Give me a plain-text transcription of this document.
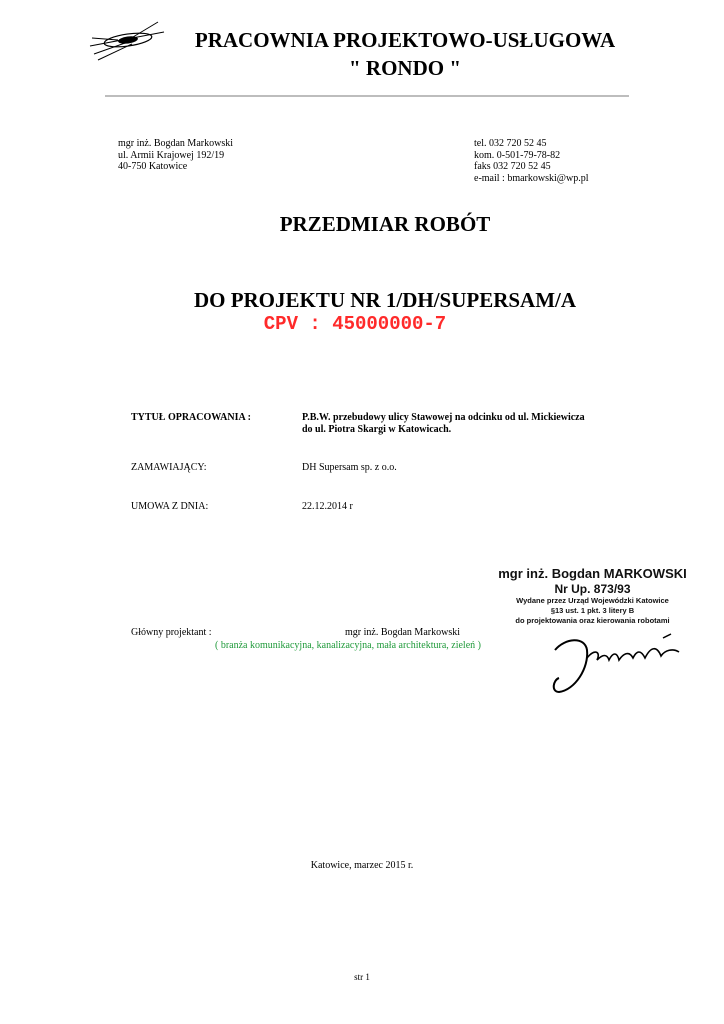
PRACOWNIA PROJEKTOWO-USŁUGOWA
" RONDO "
mgr inż. Bogdan Markowski
ul. Armii Krajowej 192/19
40-750 Katowice
tel. 032 720 52 45
kom. 0-501-79-78-82
faks 032 720 52 45
e-mail : bmarkowski@wp.pl
PRZEDMIAR ROBÓT
DO PROJEKTU NR 1/DH/SUPERSAM/A
CPV : 45000000-7
TYTUŁ OPRACOWANIA :	P.B.W. przebudowy ulicy Stawowej na odcinku od ul. Mickiewicza
do ul. Piotra Skargi w Katowicach.
ZAMAWIAJĄCY:	DH Supersam sp. z o.o.
UMOWA Z DNIA:	22.12.2014 r
mgr inż. Bogdan MARKOWSKI
Nr Up. 873/93
Wydane przez Urząd Wojewódzki Katowice
§13 ust. 1 pkt. 3 litery B
do projektowania oraz kierowania robotami
Główny projektant :	mgr inż. Bogdan Markowski
( branża komunikacyjna, kanalizacyjna, mała architektura, zieleń )
Katowice, marzec 2015 r.
str 1
